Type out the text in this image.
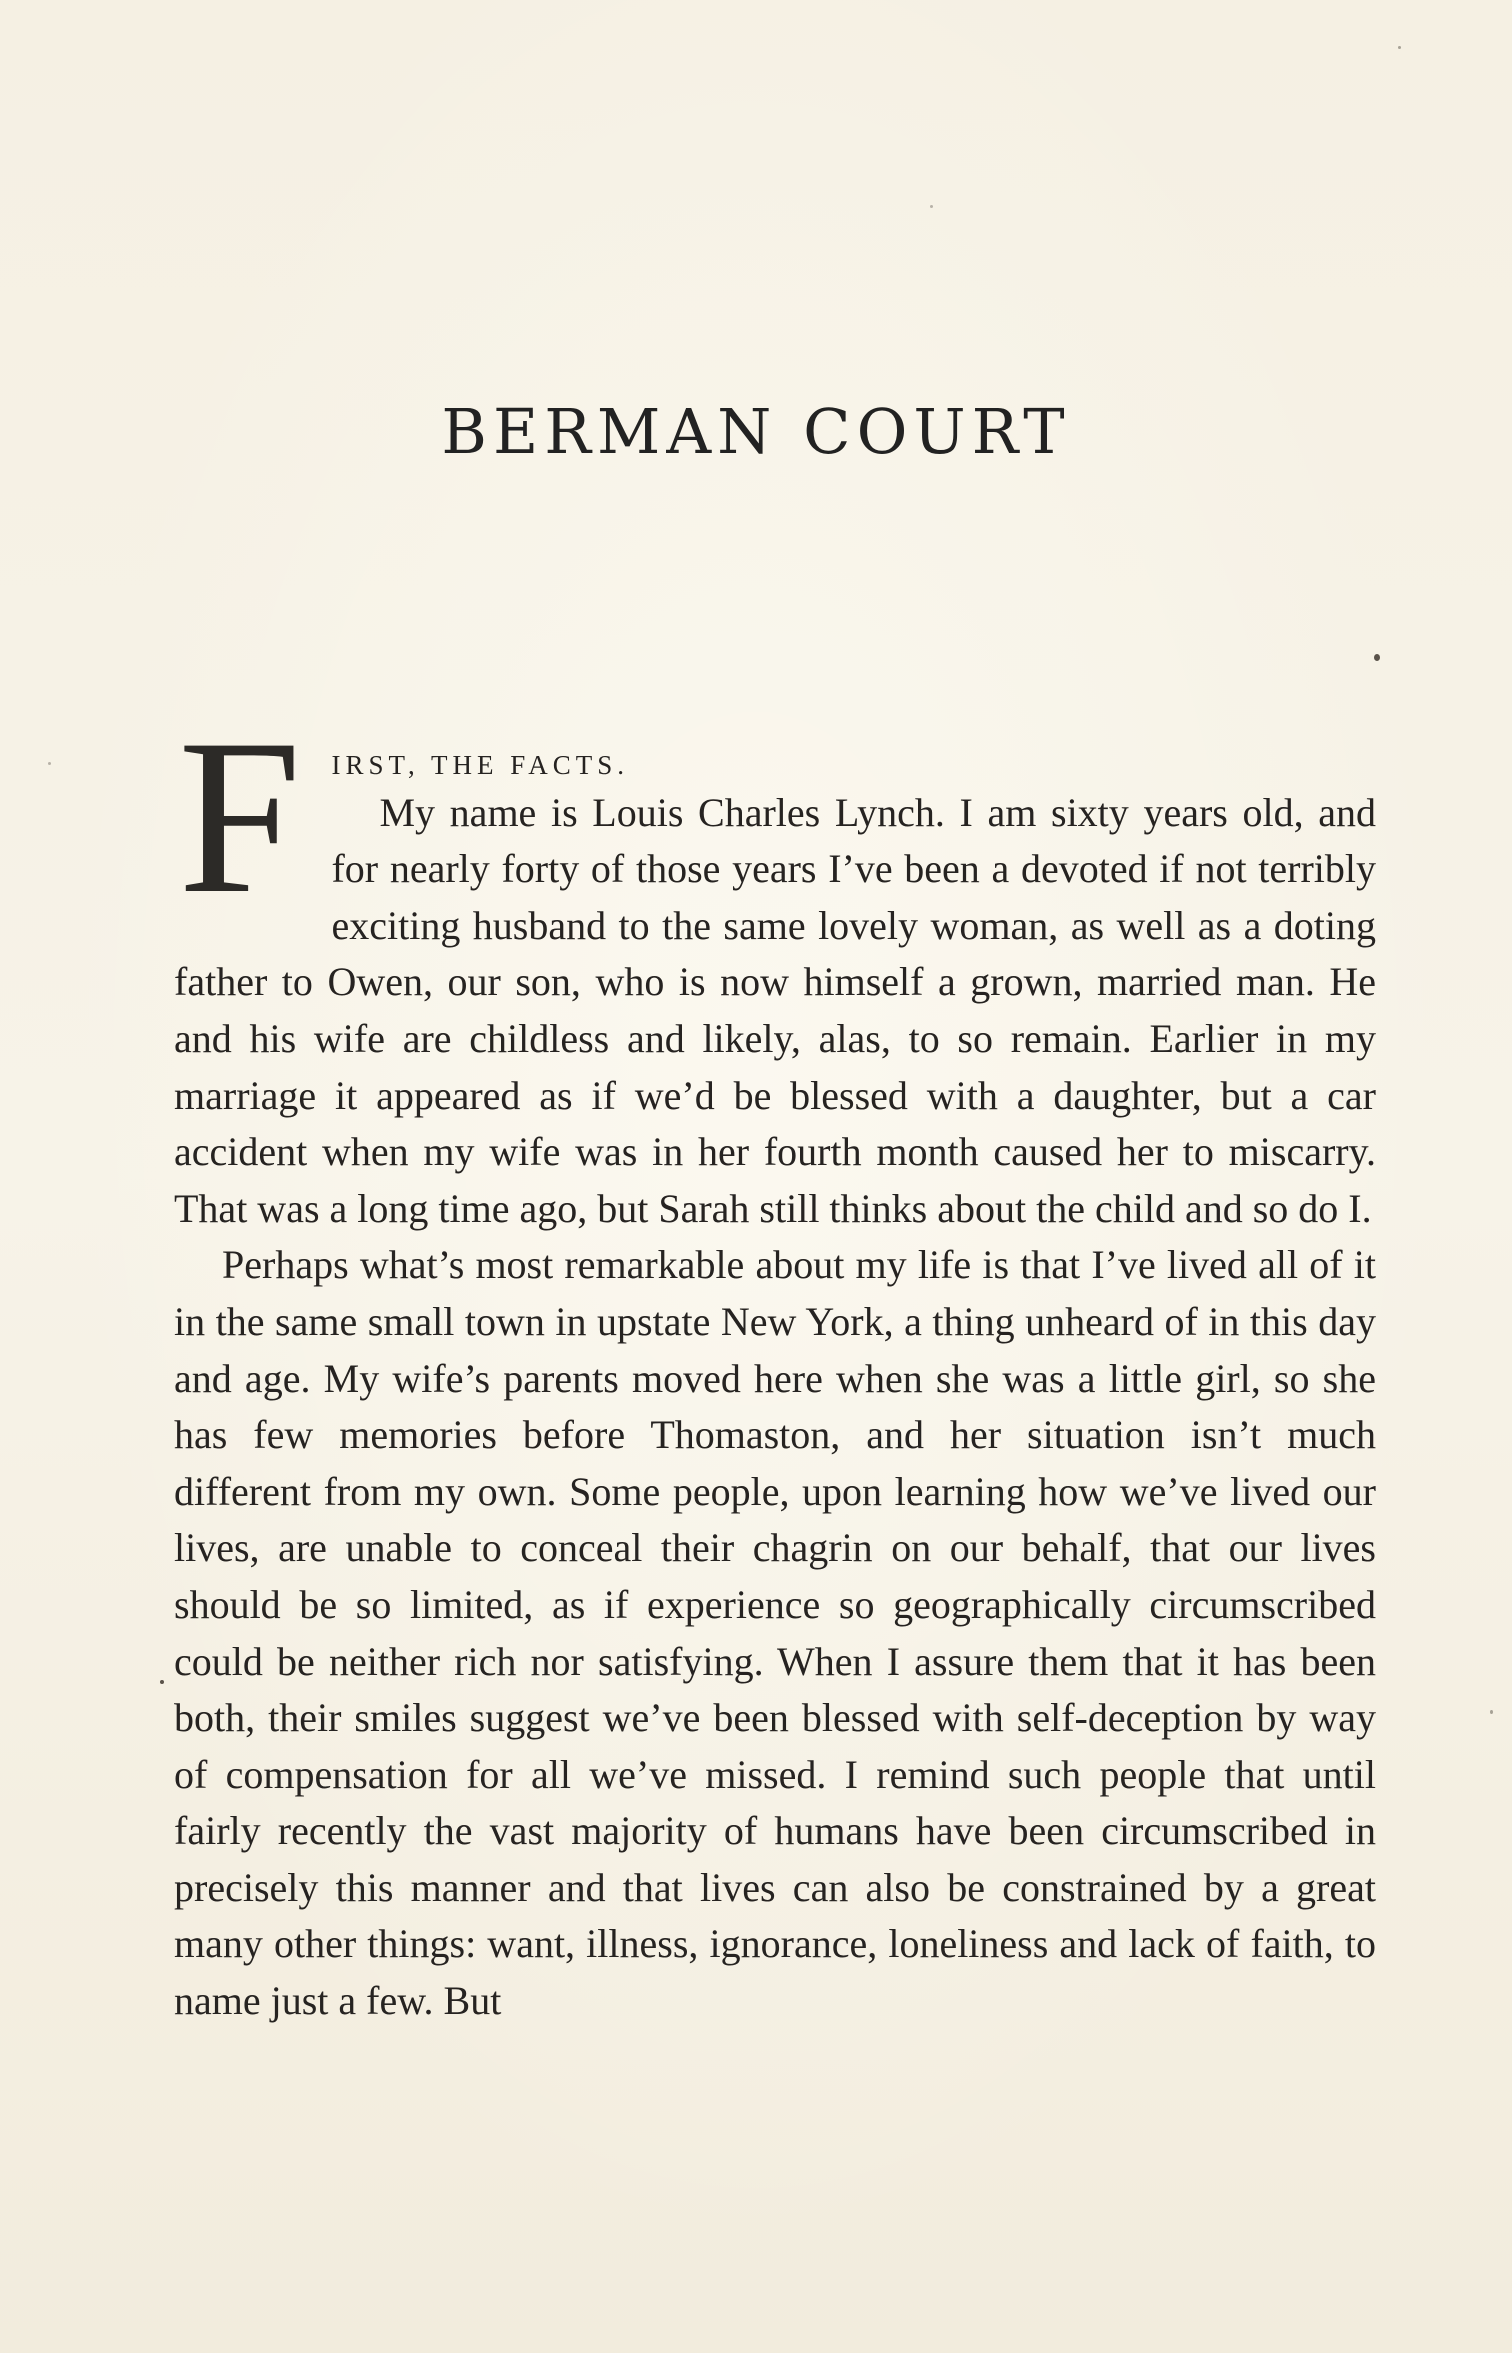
BERMAN COURT
F	IRST, THE FACTS.

My name is Louis Charles Lynch. I am sixty years old, and for nearly forty of those years I’ve been a devoted if not terribly exciting husband to the same lovely woman, as well as a doting father to Owen, our son, who is now himself a grown, married man. He and his wife are childless and likely, alas, to so remain. Earlier in my marriage it appeared as if we’d be blessed with a daughter, but a car accident when my wife was in her fourth month caused her to miscarry. That was a long time ago, but Sarah still thinks about the child and so do I.

Perhaps what’s most remarkable about my life is that I’ve lived all of it in the same small town in upstate New York, a thing unheard of in this day and age. My wife’s parents moved here when she was a little girl, so she has few memories before Thomaston, and her situation isn’t much different from my own. Some people, upon learning how we’ve lived our lives, are unable to conceal their chagrin on our behalf, that our lives should be so limited, as if experience so geographically circumscribed could be neither rich nor satisfying. When I assure them that it has been both, their smiles suggest we’ve been blessed with self-deception by way of compensation for all we’ve missed. I remind such people that until fairly recently the vast majority of humans have been circumscribed in precisely this manner and that lives can also be constrained by a great many other things: want, illness, ignorance, loneliness and lack of faith, to name just a few. But
